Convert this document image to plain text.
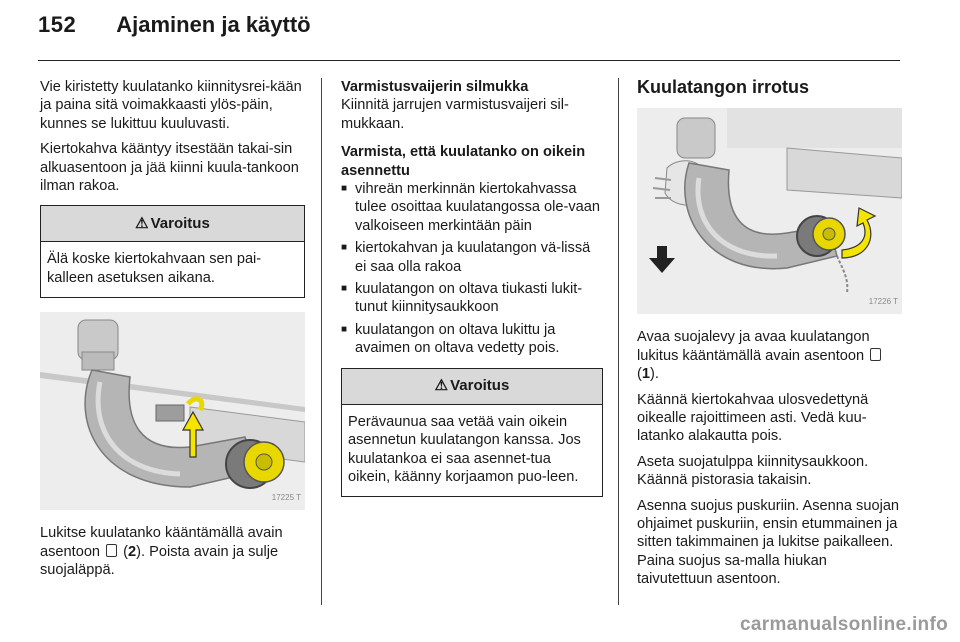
152 Ajaminen ja käyttö

Vie kiristetty kuulatanko kiinnitysrei-kään ja paina sitä voimakkaasti ylös-päin, kunnes se lukittuu kuuluvasti.

Kiertokahva kääntyy itsestään takai-sin alkuasentoon ja jää kiinni kuula-tankoon ilman rakoa.

⚠ Varoitus
Älä koske kiertokahvaan sen pai-kalleen asetuksen aikana.
17225 T

Lukitse kuulatanko kääntämällä avain asentoon  (2). Poista avain ja sulje suojaläppä.

Varmistusvaijerin silmukka

Kiinnitä jarrujen varmistusvaijeri sil-mukkaan.

Varmista, että kuulatanko on oikein asennettu
■ vihreän merkinnän kiertokahvassa tulee osoittaa kuulatangossa ole-vaan valkoiseen merkintään päin
■ kiertokahvan ja kuulatangon vä-lissä ei saa olla rakoa
■ kuulatangon on oltava tiukasti lukit-tunut kiinnitysaukkoon
■ kuulatangon on oltava lukittu ja avaimen on oltava vedetty pois.
⚠ Varoitus
Perävaunua saa vetää vain oikein asennetun kuulatangon kanssa. Jos kuulatankoa ei saa asennet-tua oikein, käänny korjaamon puo-leen.
Kuulatangon irrotus
17226 T

Avaa suojalevy ja avaa kuulatangon lukitus kääntämällä avain asentoon  (1).

Käännä kiertokahvaa ulosvedettynä oikealle rajoittimeen asti. Vedä kuu-latanko alakautta pois.

Aseta suojatulppa kiinnitysaukkoon. Käännä pistorasia takaisin.

Asenna suojus puskuriin. Asenna suojan ohjaimet puskuriin, ensin etummainen ja sitten takimmainen ja lukitse paikalleen. Paina suojus sa-malla hiukan taivutettuun asentoon.

carmanualsonline.info
